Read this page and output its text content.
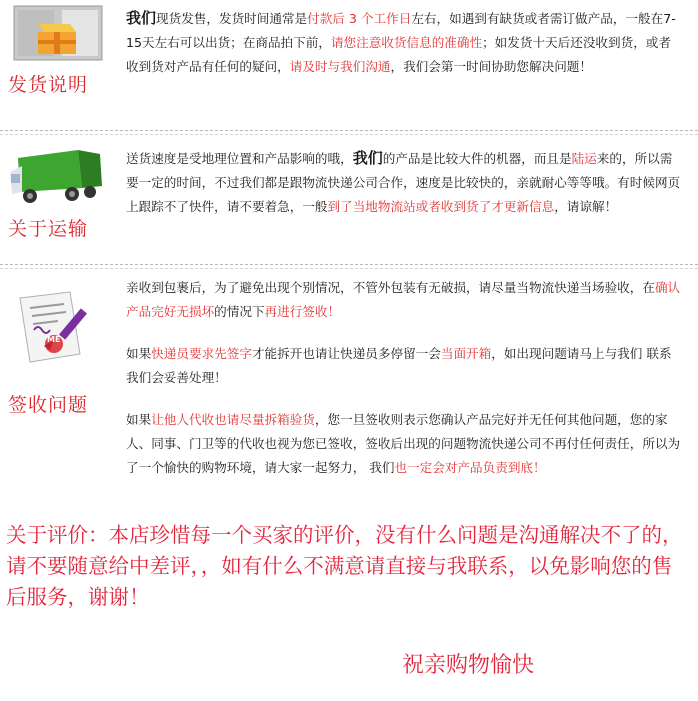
发货说明
我们现货发售，发货时间通常是付款后 3 个工作日左右，如遇到有缺货或者需订做产品，一般在7-15天左右可以出货；在商品拍下前，请您注意收货信息的准确性；如发货十天后还没收到货，或者收到货对产品有任何的疑问，请及时与我们沟通，我们会第一时间协助您解决问题！
关于运输
送货速度是受地理位置和产品影响的哦，我们的产品是比较大件的机器，而且是陆运来的，所以需要一定的时间，不过我们都是跟物流快递公司合作，速度是比较快的，亲就耐心等等哦。有时候网页上跟踪不了快件，请不要着急，一般到了当地物流站或者收到货了才更新信息，请谅解！
ME
签收问题
亲收到包裹后，为了避免出现个别情况，不管外包装有无破损，请尽量当物流快递当场验收，在确认产品完好无损坏的情况下再进行签收！
如果快递员要求先签字才能拆开也请让快递员多停留一会当面开箱，如出现问题请马上与我们 联系 我们会妥善处理！
如果让他人代收也请尽量拆箱验货，您一旦签收则表示您确认产品完好并无任何其他问题，您的家人、同事、门卫等的代收也视为您已签收，签收后出现的问题物流快递公司不再付任何责任，所以为了一个愉快的购物环境，请大家一起努力， 我们也一定会对产品负责到底！
关于评价：本店珍惜每一个买家的评价，没有什么问题是沟通解决不了的，请不要随意给中差评，，如有什么不满意请直接与我联系，以免影响您的售后服务，谢谢！
祝亲购物愉快
